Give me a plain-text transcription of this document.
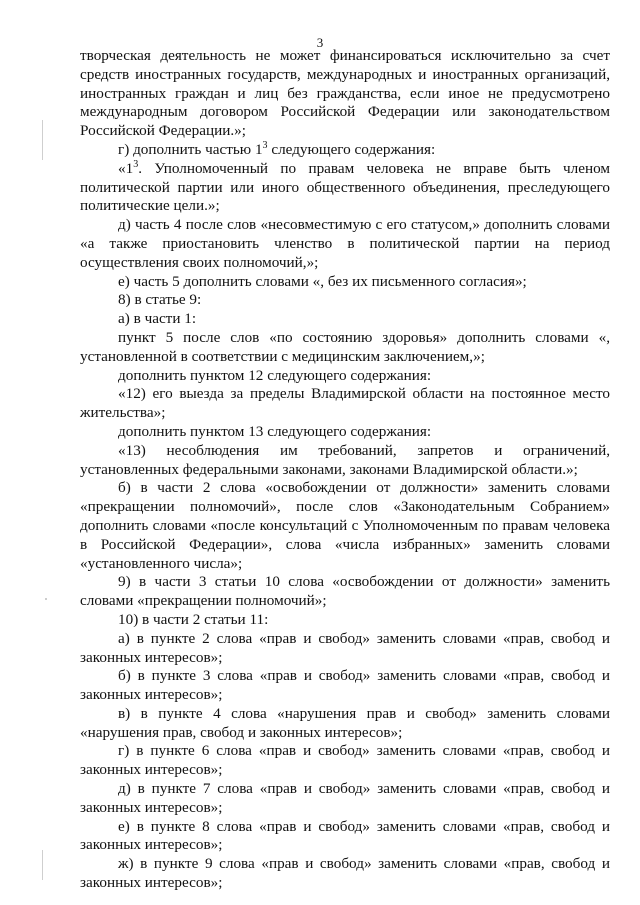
3

творческая деятельность не может финансироваться исключительно за счет средств иностранных государств, международных и иностранных организаций, иностранных граждан и лиц без гражданства, если иное не предусмотрено международным договором Российской Федерации или законодательством Российской Федерации.»;

г) дополнить частью $1^3$ следующего содержания:

«$1^3$. Уполномоченный по правам человека не вправе быть членом политической партии или иного общественного объединения, преследующего политические цели.»;

д) часть 4 после слов «несовместимую с его статусом,» дополнить словами «а также приостановить членство в политической партии на период осуществления своих полномочий,»;

е) часть 5 дополнить словами «, без их письменного согласия»;

8) в статье 9:

а) в части 1:

пункт 5 после слов «по состоянию здоровья» дополнить словами «, установленной в соответствии с медицинским заключением,»;

дополнить пунктом 12 следующего содержания:

«12) его выезда за пределы Владимирской области на постоянное место жительства»;

дополнить пунктом 13 следующего содержания:

«13) несоблюдения им требований, запретов и ограничений, установленных федеральными законами, законами Владимирской области.»;

б) в части 2 слова «освобождении от должности» заменить словами «прекращении полномочий», после слов «Законодательным Собранием» дополнить словами «после консультаций с Уполномоченным по правам человека в Российской Федерации», слова «числа избранных» заменить словами «установленного числа»;

9) в части 3 статьи 10 слова «освобождении от должности» заменить словами «прекращении полномочий»;

10) в части 2 статьи 11:

а) в пункте 2 слова «прав и свобод» заменить словами «прав, свобод и законных интересов»;

б) в пункте 3 слова «прав и свобод» заменить словами «прав, свобод и законных интересов»;

в) в пункте 4 слова «нарушения прав и свобод» заменить словами «нарушения прав, свобод и законных интересов»;

г) в пункте 6 слова «прав и свобод» заменить словами «прав, свобод и законных интересов»;

д) в пункте 7 слова «прав и свобод» заменить словами «прав, свобод и законных интересов»;

е) в пункте 8 слова «прав и свобод» заменить словами «прав, свобод и законных интересов»;

ж) в пункте 9 слова «прав и свобод» заменить словами «прав, свобод и законных интересов»;
